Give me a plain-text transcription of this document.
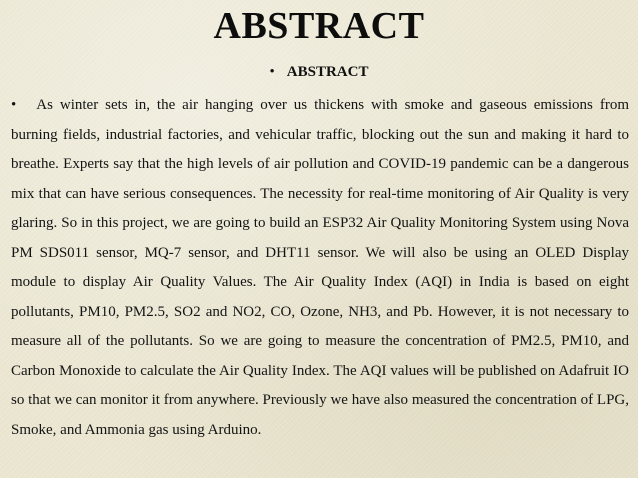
ABSTRACT
• ABSTRACT
• As winter sets in, the air hanging over us thickens with smoke and gaseous emissions from burning fields, industrial factories, and vehicular traffic, blocking out the sun and making it hard to breathe. Experts say that the high levels of air pollution and COVID-19 pandemic can be a dangerous mix that can have serious consequences. The necessity for real-time monitoring of Air Quality is very glaring. So in this project, we are going to build an ESP32 Air Quality Monitoring System using Nova PM SDS011 sensor, MQ-7 sensor, and DHT11 sensor. We will also be using an OLED Display module to display Air Quality Values. The Air Quality Index (AQI) in India is based on eight pollutants, PM10, PM2.5, SO2 and NO2, CO, Ozone, NH3, and Pb. However, it is not necessary to measure all of the pollutants. So we are going to measure the concentration of PM2.5, PM10, and Carbon Monoxide to calculate the Air Quality Index. The AQI values will be published on Adafruit IO so that we can monitor it from anywhere. Previously we have also measured the concentration of LPG, Smoke, and Ammonia gas using Arduino.
